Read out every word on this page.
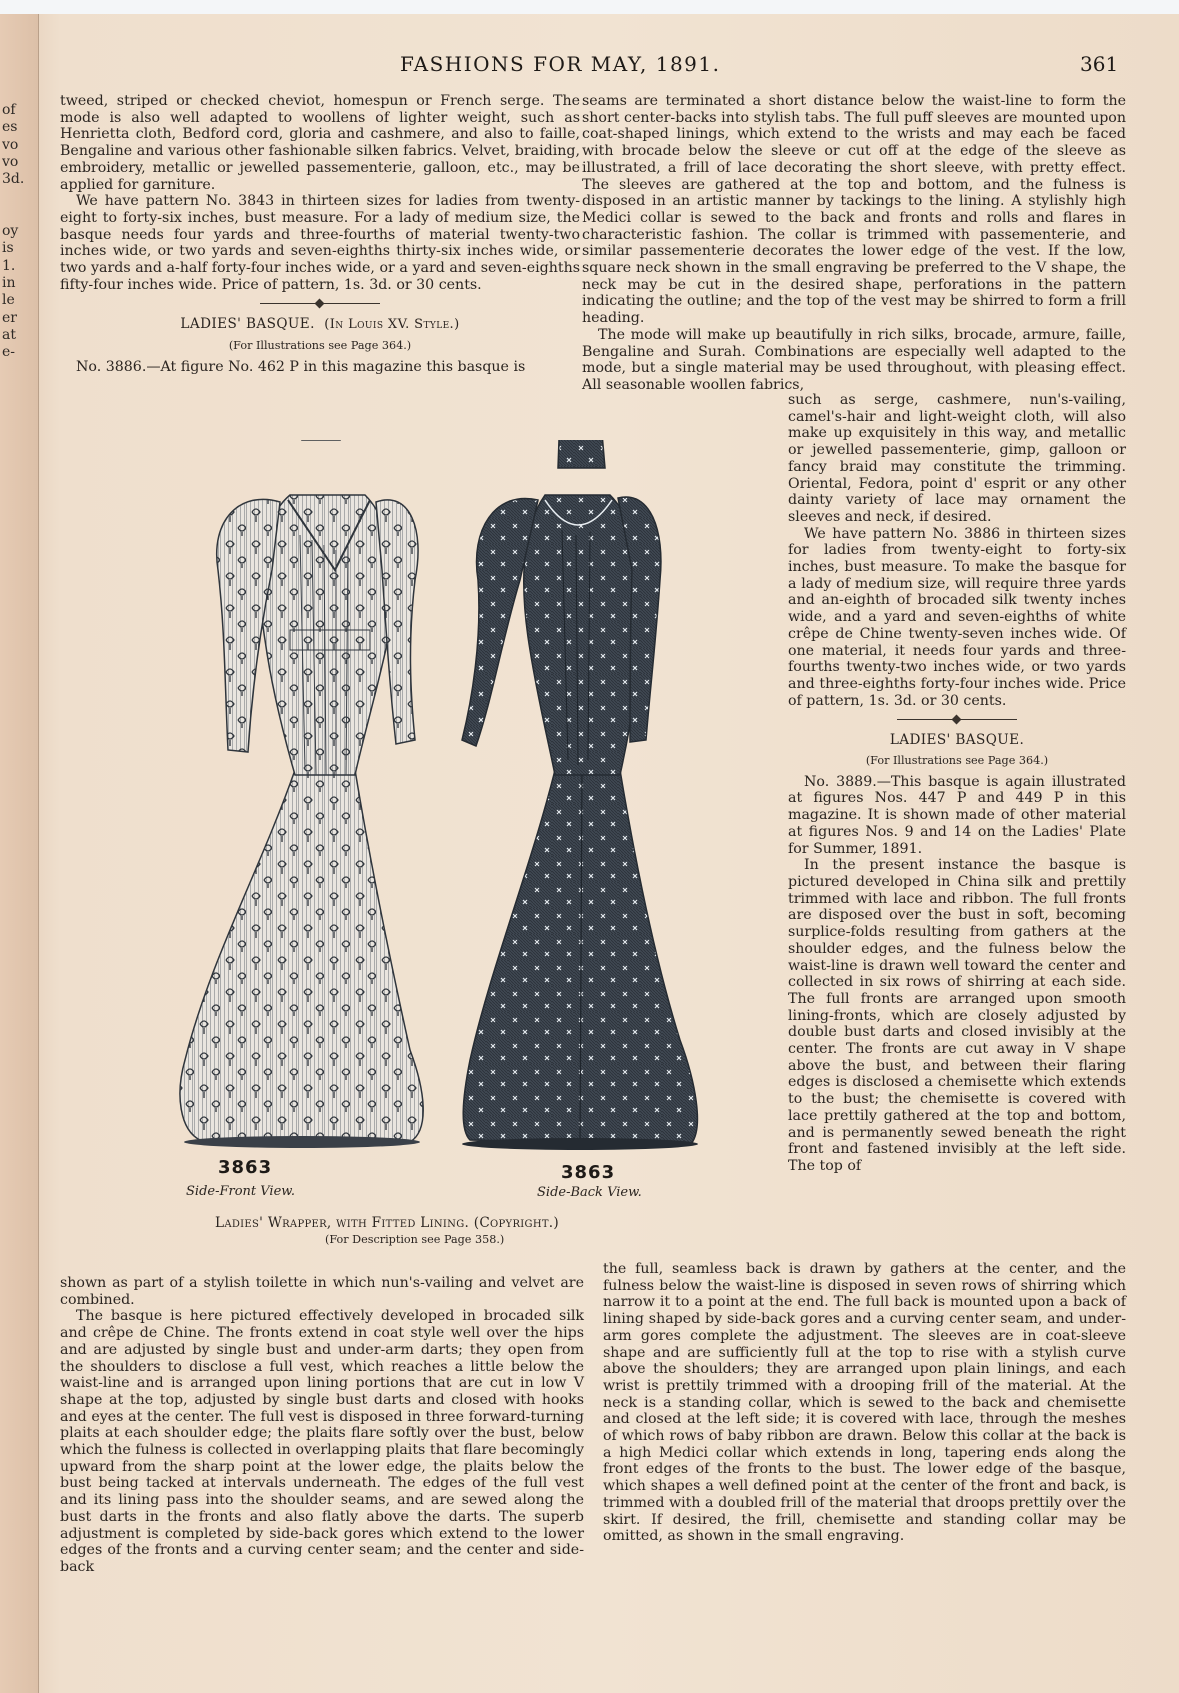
of
es
vo
vo
3d.
oy
is
1.
in
le
er
at
e-
FASHIONS FOR MAY, 1891.	361

tweed, striped or checked cheviot, homespun or French serge. The mode is also well adapted to woollens of lighter weight, such as Henrietta cloth, Bedford cord, gloria and cashmere, and also to faille, Bengaline and various other fashionable silken fabrics. Velvet, braiding, embroidery, metallic or jewelled passementerie, galloon, etc., may be applied for garniture.

We have pattern No. 3843 in thirteen sizes for ladies from twenty-eight to forty-six inches, bust measure. For a lady of medium size, the basque needs four yards and three-fourths of material twenty-two inches wide, or two yards and seven-eighths thirty-six inches wide, or two yards and a-half forty-four inches wide, or a yard and seven-eighths fifty-four inches wide. Price of pattern, 1s. 3d. or 30 cents.

LADIES' BASQUE. (In Louis XV. Style.)
(For Illustrations see Page 364.)

No. 3886.—At figure No. 462 P in this magazine this basque is

seams are terminated a short distance below the waist-line to form the short center-backs into stylish tabs. The full puff sleeves are mounted upon coat-shaped linings, which extend to the wrists and may each be faced with brocade below the sleeve or cut off at the edge of the sleeve as illustrated, a frill of lace decorating the short sleeve, with pretty effect. The sleeves are gathered at the top and bottom, and the fulness is disposed in an artistic manner by tackings to the lining. A stylishly high Medici collar is sewed to the back and fronts and rolls and flares in characteristic fashion. The collar is trimmed with passementerie, and similar passementerie decorates the lower edge of the vest. If the low, square neck shown in the small engraving be preferred to the V shape, the neck may be cut in the desired shape, perforations in the pattern indicating the outline; and the top of the vest may be shirred to form a frill heading.

The mode will make up beautifully in rich silks, brocade, armure, faille, Bengaline and Surah. Combinations are especially well adapted to the mode, but a single material may be used throughout, with pleasing effect. All seasonable woollen fabrics,

such as serge, cashmere, nun's-vailing, camel's-hair and light-weight cloth, will also make up exquisitely in this way, and metallic or jewelled passementerie, gimp, galloon or fancy braid may constitute the trimming. Oriental, Fedora, point d' esprit or any other dainty variety of lace may ornament the sleeves and neck, if desired.

We have pattern No. 3886 in thirteen sizes for ladies from twenty-eight to forty-six inches, bust measure. To make the basque for a lady of medium size, will require three yards and an-eighth of brocaded silk twenty inches wide, and a yard and seven-eighths of white crêpe de Chine twenty-seven inches wide. Of one material, it needs four yards and three-fourths twenty-two inches wide, or two yards and three-eighths forty-four inches wide. Price of pattern, 1s. 3d. or 30 cents.

LADIES' BASQUE.
(For Illustrations see Page 364.)

No. 3889.—This basque is again illustrated at figures Nos. 447 P and 449 P in this magazine. It is shown made of other material at figures Nos. 9 and 14 on the Ladies' Plate for Summer, 1891.

In the present instance the basque is pictured developed in China silk and prettily trimmed with lace and ribbon. The full fronts are disposed over the bust in soft, becoming surplice-folds resulting from gathers at the shoulder edges, and the fulness below the waist-line is drawn well toward the center and collected in six rows of shirring at each side. The full fronts are arranged upon smooth lining-fronts, which are closely adjusted by double bust darts and closed invisibly at the center. The fronts are cut away in V shape above the bust, and between their flaring edges is disclosed a chemisette which extends to the bust; the chemisette is covered with lace prettily gathered at the top and bottom, and is permanently sewed beneath the right front and fastened invisibly at the left side. The top of

3863
Side-Front View.
3863
Side-Back View.
Ladies' Wrapper, with Fitted Lining. (Copyright.)
(For Description see Page 358.)

shown as part of a stylish toilette in which nun's-vailing and velvet are combined.

The basque is here pictured effectively developed in brocaded silk and crêpe de Chine. The fronts extend in coat style well over the hips and are adjusted by single bust and under-arm darts; they open from the shoulders to disclose a full vest, which reaches a little below the waist-line and is arranged upon lining portions that are cut in low V shape at the top, adjusted by single bust darts and closed with hooks and eyes at the center. The full vest is disposed in three forward-turning plaits at each shoulder edge; the plaits flare softly over the bust, below which the fulness is collected in overlapping plaits that flare becomingly upward from the sharp point at the lower edge, the plaits below the bust being tacked at intervals underneath. The edges of the full vest and its lining pass into the shoulder seams, and are sewed along the bust darts in the fronts and also flatly above the darts. The superb adjustment is completed by side-back gores which extend to the lower edges of the fronts and a curving center seam; and the center and side-back

the full, seamless back is drawn by gathers at the center, and the fulness below the waist-line is disposed in seven rows of shirring which narrow it to a point at the end. The full back is mounted upon a back of lining shaped by side-back gores and a curving center seam, and under-arm gores complete the adjustment. The sleeves are in coat-sleeve shape and are sufficiently full at the top to rise with a stylish curve above the shoulders; they are arranged upon plain linings, and each wrist is prettily trimmed with a drooping frill of the material. At the neck is a standing collar, which is sewed to the back and chemisette and closed at the left side; it is covered with lace, through the meshes of which rows of baby ribbon are drawn. Below this collar at the back is a high Medici collar which extends in long, tapering ends along the front edges of the fronts to the bust. The lower edge of the basque, which shapes a well defined point at the center of the front and back, is trimmed with a doubled frill of the material that droops prettily over the skirt. If desired, the frill, chemisette and standing collar may be omitted, as shown in the small engraving.
